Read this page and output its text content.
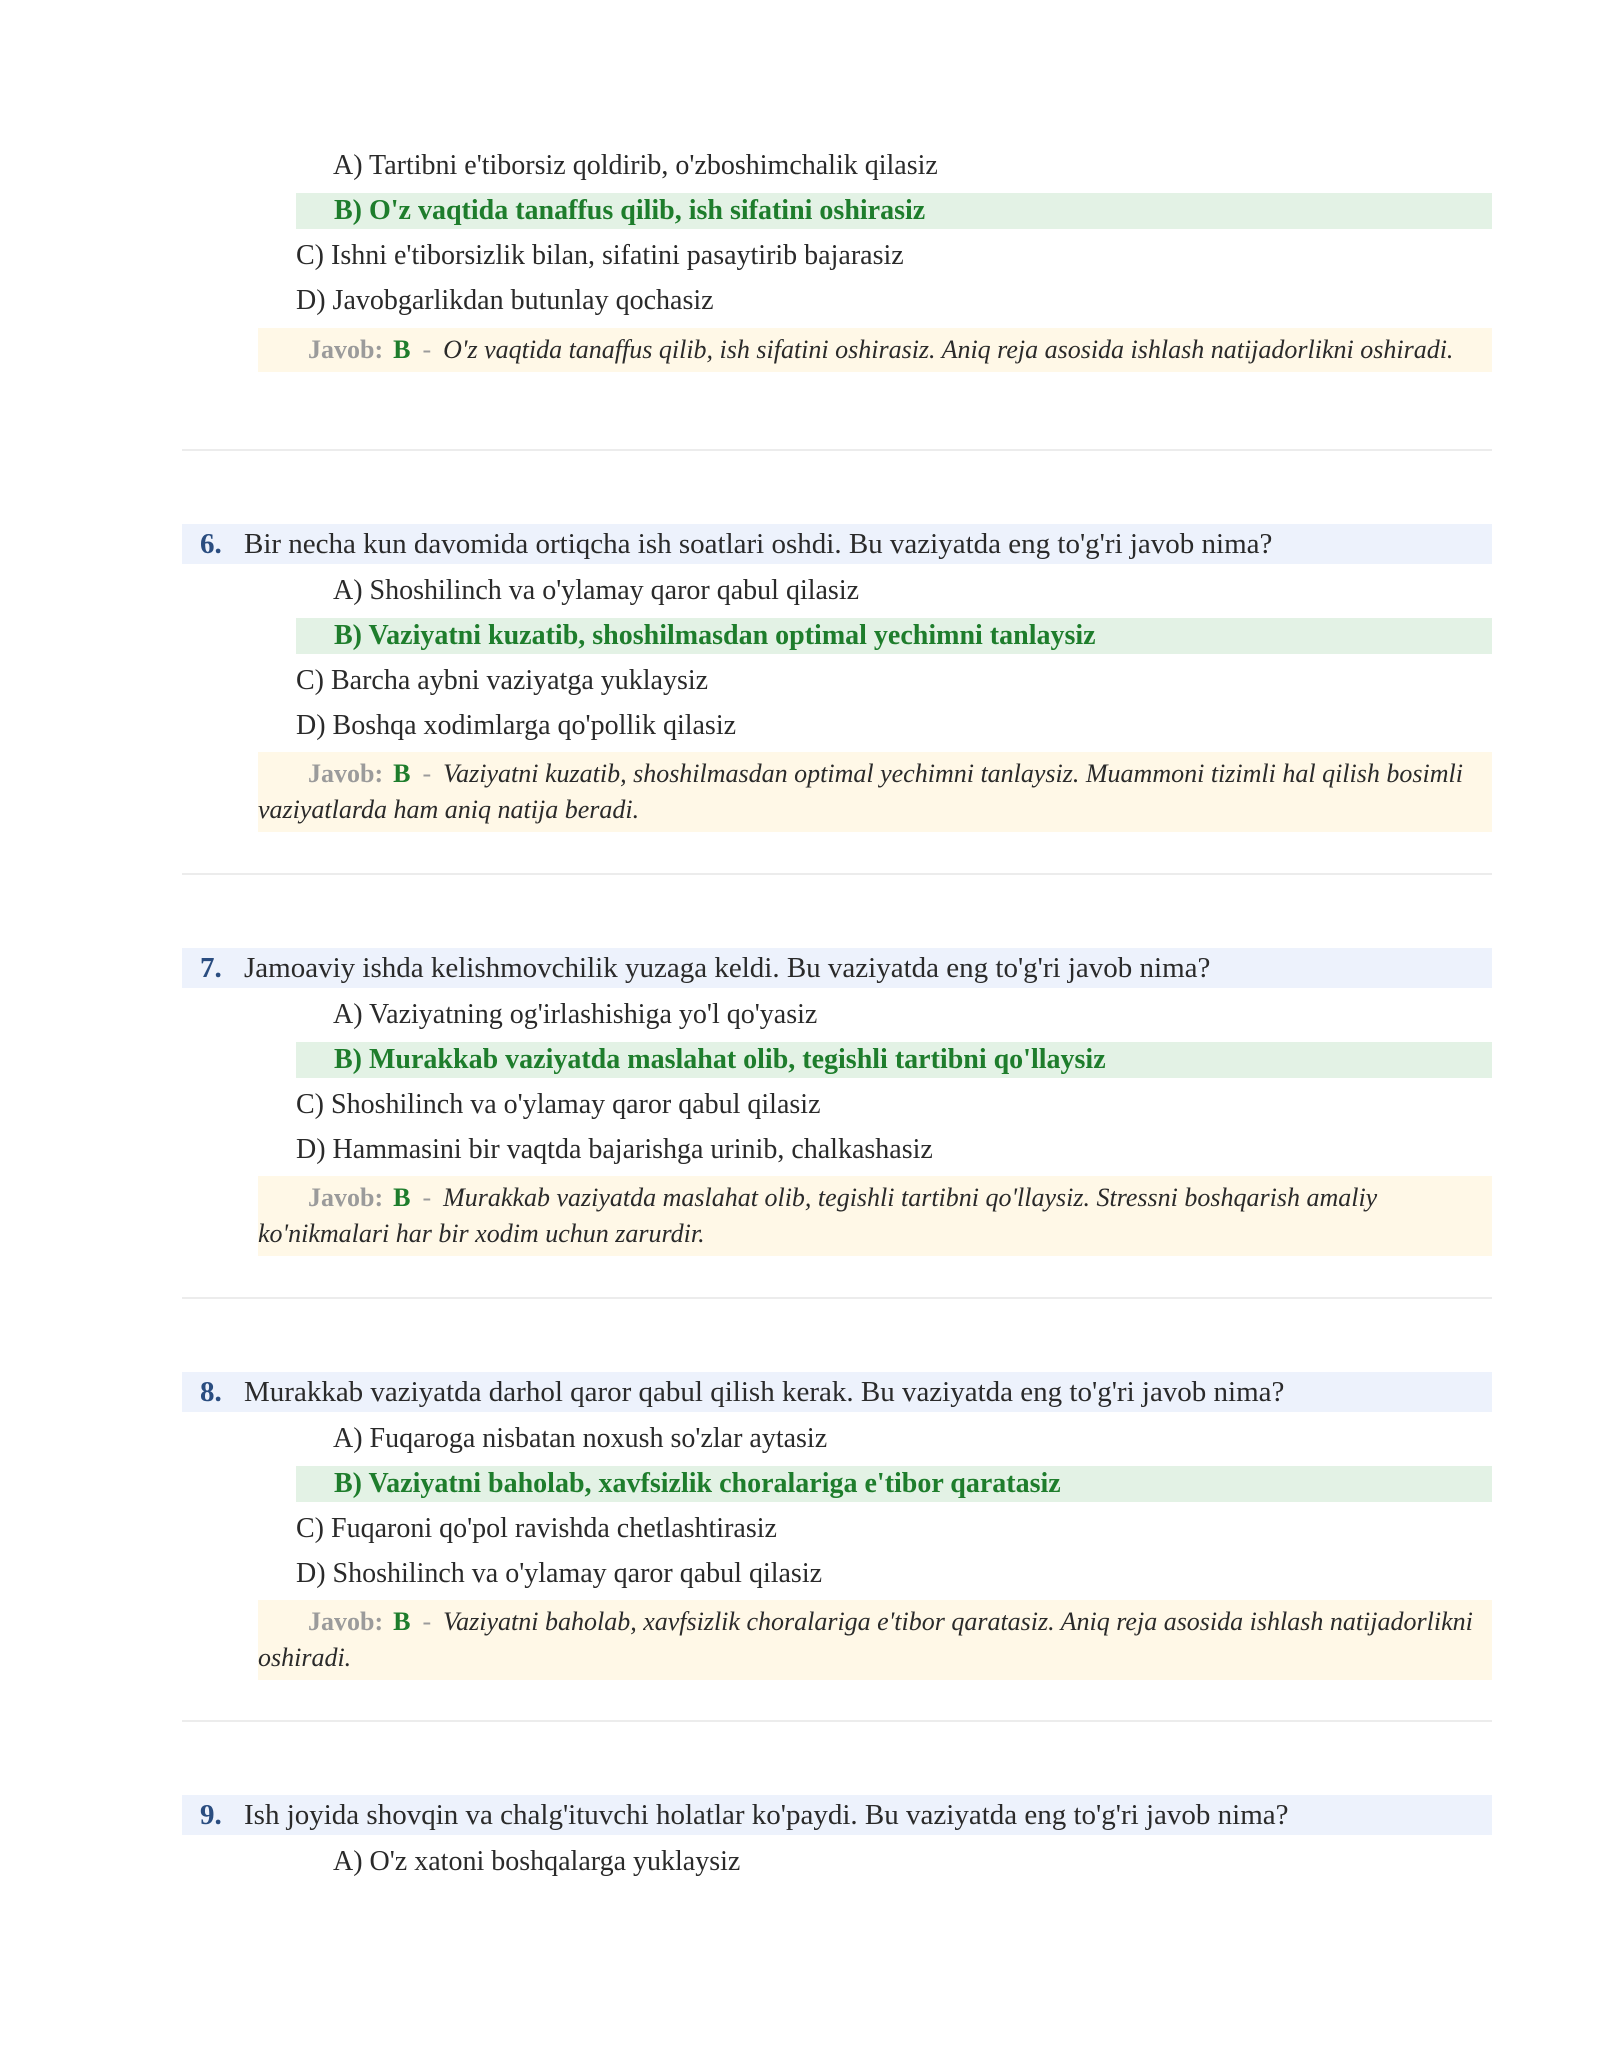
A) Tartibni e'tiborsiz qoldirib, o'zboshimchalik qilasiz
B) O'z vaqtida tanaffus qilib, ish sifatini oshirasiz
C) Ishni e'tiborsizlik bilan, sifatini pasaytirib bajarasiz
D) Javobgarlikdan butunlay qochasiz
Javob: B - O'z vaqtida tanaffus qilib, ish sifatini oshirasiz. Aniq reja asosida ishlash natijadorlikni oshiradi.
6. Bir necha kun davomida ortiqcha ish soatlari oshdi. Bu vaziyatda eng to'g'ri javob nima?
A) Shoshilinch va o'ylamay qaror qabul qilasiz
B) Vaziyatni kuzatib, shoshilmasdan optimal yechimni tanlaysiz
C) Barcha aybni vaziyatga yuklaysiz
D) Boshqa xodimlarga qo'pollik qilasiz
Javob: B - Vaziyatni kuzatib, shoshilmasdan optimal yechimni tanlaysiz. Muammoni tizimli hal qilish bosimli vaziyatlarda ham aniq natija beradi.
7. Jamoaviy ishda kelishmovchilik yuzaga keldi. Bu vaziyatda eng to'g'ri javob nima?
A) Vaziyatning og'irlashishiga yo'l qo'yasiz
B) Murakkab vaziyatda maslahat olib, tegishli tartibni qo'llaysiz
C) Shoshilinch va o'ylamay qaror qabul qilasiz
D) Hammasini bir vaqtda bajarishga urinib, chalkashasiz
Javob: B - Murakkab vaziyatda maslahat olib, tegishli tartibni qo'llaysiz. Stressni boshqarish amaliy ko'nikmalari har bir xodim uchun zarurdir.
8. Murakkab vaziyatda darhol qaror qabul qilish kerak. Bu vaziyatda eng to'g'ri javob nima?
A) Fuqaroga nisbatan noxush so'zlar aytasiz
B) Vaziyatni baholab, xavfsizlik choralariga e'tibor qaratasiz
C) Fuqaroni qo'pol ravishda chetlashtirasiz
D) Shoshilinch va o'ylamay qaror qabul qilasiz
Javob: B - Vaziyatni baholab, xavfsizlik choralariga e'tibor qaratasiz. Aniq reja asosida ishlash natijadorlikni oshiradi.
9. Ish joyida shovqin va chalg'ituvchi holatlar ko'paydi. Bu vaziyatda eng to'g'ri javob nima?
A) O'z xatoni boshqalarga yuklaysiz
